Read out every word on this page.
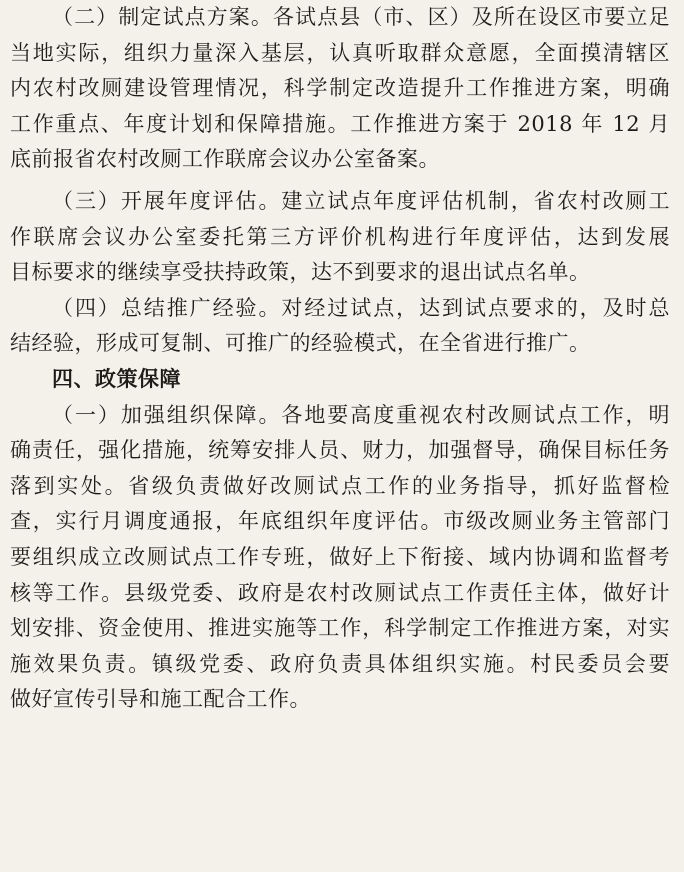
（二）制定试点方案。各试点县（市、区）及所在设区市要立足
当地实际，组织力量深入基层，认真听取群众意愿，全面摸清辖区
内农村改厕建设管理情况，科学制定改造提升工作推进方案，明确
工作重点、年度计划和保障措施。工作推进方案于 2018 年 12 月
底前报省农村改厕工作联席会议办公室备案。
（三）开展年度评估。建立试点年度评估机制，省农村改厕工
作联席会议办公室委托第三方评价机构进行年度评估，达到发展
目标要求的继续享受扶持政策，达不到要求的退出试点名单。
（四）总结推广经验。对经过试点，达到试点要求的，及时总
结经验，形成可复制、可推广的经验模式，在全省进行推广。
四、政策保障
（一）加强组织保障。各地要高度重视农村改厕试点工作，明
确责任，强化措施，统筹安排人员、财力，加强督导，确保目标任务
落到实处。省级负责做好改厕试点工作的业务指导，抓好监督检
查，实行月调度通报，年底组织年度评估。市级改厕业务主管部门
要组织成立改厕试点工作专班，做好上下衔接、域内协调和监督考
核等工作。县级党委、政府是农村改厕试点工作责任主体，做好计
划安排、资金使用、推进实施等工作，科学制定工作推进方案，对实
施效果负责。镇级党委、政府负责具体组织实施。村民委员会要
做好宣传引导和施工配合工作。
